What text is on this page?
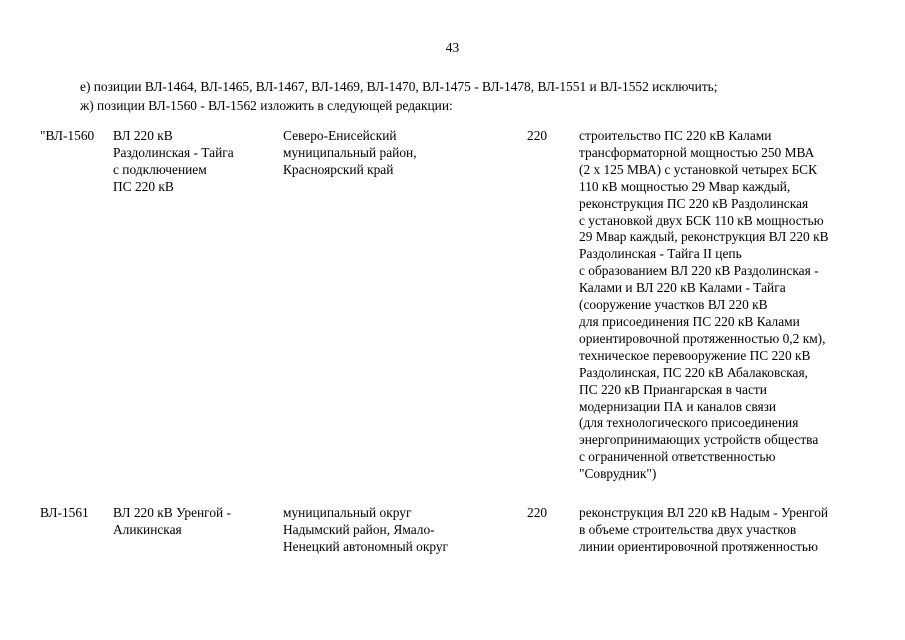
43
е) позиции ВЛ-1464, ВЛ-1465, ВЛ-1467, ВЛ-1469, ВЛ-1470, ВЛ-1475 - ВЛ-1478, ВЛ-1551 и ВЛ-1552 исключить;
ж) позиции ВЛ-1560 - ВЛ-1562 изложить в следующей редакции:
"ВЛ-1560 ВЛ 220 кВ
Раздолинская - Тайга
с подключением
ПС 220 кВ
Северо-Енисейский
муниципальный район,
Красноярский край
220 строительство ПС 220 кВ Калами
трансформаторной мощностью 250 МВА
(2 х 125 МВА) с установкой четырех БСК
110 кВ мощностью 29 Мвар каждый,
реконструкция ПС 220 кВ Раздолинская
с установкой двух БСК 110 кВ мощностью
29 Мвар каждый, реконструкция ВЛ 220 кВ
Раздолинская - Тайга II цепь
с образованием ВЛ 220 кВ Раздолинская -
Калами и ВЛ 220 кВ Калами - Тайга
(сооружение участков ВЛ 220 кВ
для присоединения ПС 220 кВ Калами
ориентировочной протяженностью 0,2 км),
техническое перевооружение ПС 220 кВ
Раздолинская, ПС 220 кВ Абалаковская,
ПС 220 кВ Приангарская в части
модернизации ПА и каналов связи
(для технологического присоединения
энергопринимающих устройств общества
с ограниченной ответственностью
"Соврудник")
ВЛ-1561 ВЛ 220 кВ Уренгой -
Аликинская
муниципальный округ
Надымский район, Ямало-
Ненецкий автономный округ
220 реконструкция ВЛ 220 кВ Надым - Уренгой
в объеме строительства двух участков
линии ориентировочной протяженностью
